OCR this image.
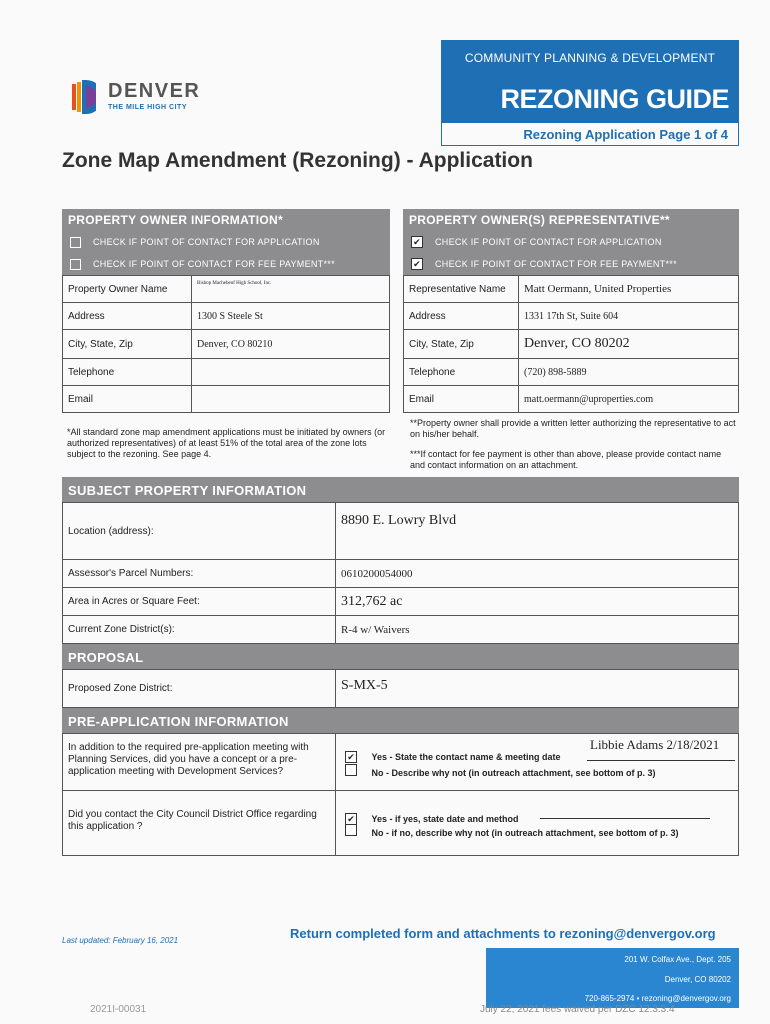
COMMUNITY PLANNING & DEVELOPMENT
REZONING GUIDE
Rezoning Application Page 1 of 4
DENVER
THE MILE HIGH CITY
Zone Map Amendment (Rezoning) - Application
PROPERTY OWNER INFORMATION*
CHECK IF POINT OF CONTACT FOR APPLICATION
CHECK IF POINT OF CONTACT FOR FEE PAYMENT***
Property Owner Name	Bishop Machebeuf High School, Inc.
Address	1300 S Steele St
City, State, Zip	Denver, CO 80210
Telephone
Email
*All standard zone map amendment applications must be initiated by owners (or authorized representatives) of at least 51% of the total area of the zone lots subject to the rezoning. See page 4.
PROPERTY OWNER(S) REPRESENTATIVE**
✔ CHECK IF POINT OF CONTACT FOR APPLICATION
✔ CHECK IF POINT OF CONTACT FOR FEE PAYMENT***
Representative Name	Matt Oermann, United Properties
Address	1331 17th St, Suite 604
City, State, Zip	Denver, CO 80202
Telephone	(720) 898-5889
Email	matt.oermann@uproperties.com
**Property owner shall provide a written letter authorizing the representative to act on his/her behalf.
***If contact for fee payment is other than above, please provide contact name and contact information on an attachment.
SUBJECT PROPERTY INFORMATION
Location (address):
8890 E. Lowry Blvd
Assessor's Parcel Numbers:	0610200054000
Area in Acres or Square Feet:	312,762 ac
Current Zone District(s):	R-4 w/ Waivers
PROPOSAL
Proposed Zone District:	S-MX-5
PRE-APPLICATION INFORMATION
In addition to the required pre-application meeting with Planning Services, did you have a concept or a pre-application meeting with Development Services?
✔ Yes - State the contact name & meeting date
Libbie Adams 2/18/2021
No - Describe why not (in outreach attachment, see bottom of p. 3)
Did you contact the City Council District Office regarding this application ?
✔ Yes - if yes, state date and method
No - if no, describe why not (in outreach attachment, see bottom of p. 3)
Last updated: February 16, 2021	Return completed form and attachments to rezoning@denvergov.org
201 W. Colfax Ave., Dept. 205
Denver, CO 80202
720-865-2974 • rezoning@denvergov.org
2021I-00031	July 22, 2021 fees waived per DZC 12.3.3.4
